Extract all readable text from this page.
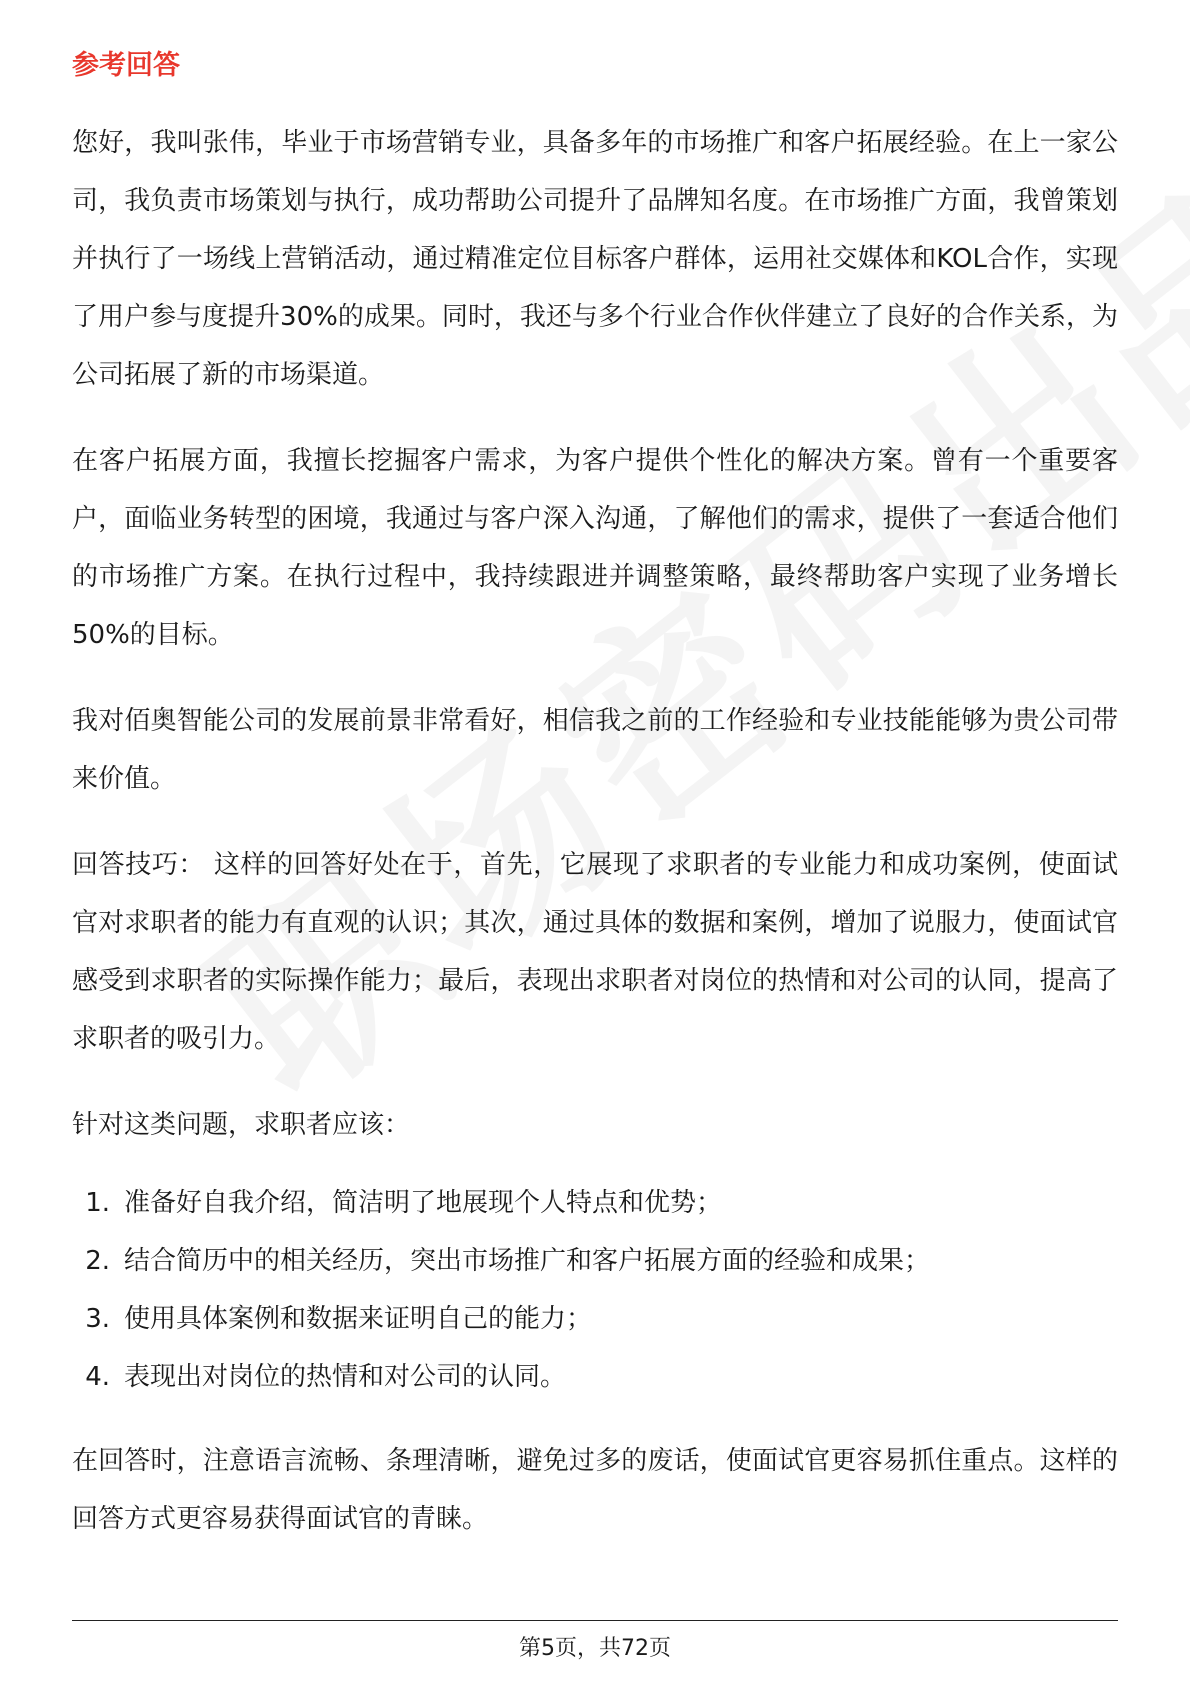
参考回答

您好，我叫张伟，毕业于市场营销专业，具备多年的市场推广和客户拓展经验。在上一家公司，我负责市场策划与执行，成功帮助公司提升了品牌知名度。在市场推广方面，我曾策划并执行了一场线上营销活动，通过精准定位目标客户群体，运用社交媒体和KOL合作，实现了用户参与度提升30%的成果。同时，我还与多个行业合作伙伴建立了良好的合作关系，为公司拓展了新的市场渠道。

在客户拓展方面，我擅长挖掘客户需求，为客户提供个性化的解决方案。曾有一个重要客户，面临业务转型的困境，我通过与客户深入沟通，了解他们的需求，提供了一套适合他们的市场推广方案。在执行过程中，我持续跟进并调整策略，最终帮助客户实现了业务增长50%的目标。

我对佰奥智能公司的发展前景非常看好，相信我之前的工作经验和专业技能能够为贵公司带来价值。

回答技巧： 这样的回答好处在于，首先，它展现了求职者的专业能力和成功案例，使面试官对求职者的能力有直观的认识；其次，通过具体的数据和案例，增加了说服力，使面试官感受到求职者的实际操作能力；最后，表现出求职者对岗位的热情和对公司的认同，提高了求职者的吸引力。

针对这类问题，求职者应该：

1. 准备好自我介绍，简洁明了地展现个人特点和优势；
2. 结合简历中的相关经历，突出市场推广和客户拓展方面的经验和成果；
3. 使用具体案例和数据来证明自己的能力；
4. 表现出对岗位的热情和对公司的认同。

在回答时，注意语言流畅、条理清晰，避免过多的废话，使面试官更容易抓住重点。这样的回答方式更容易获得面试官的青睐。

第5页，共72页
